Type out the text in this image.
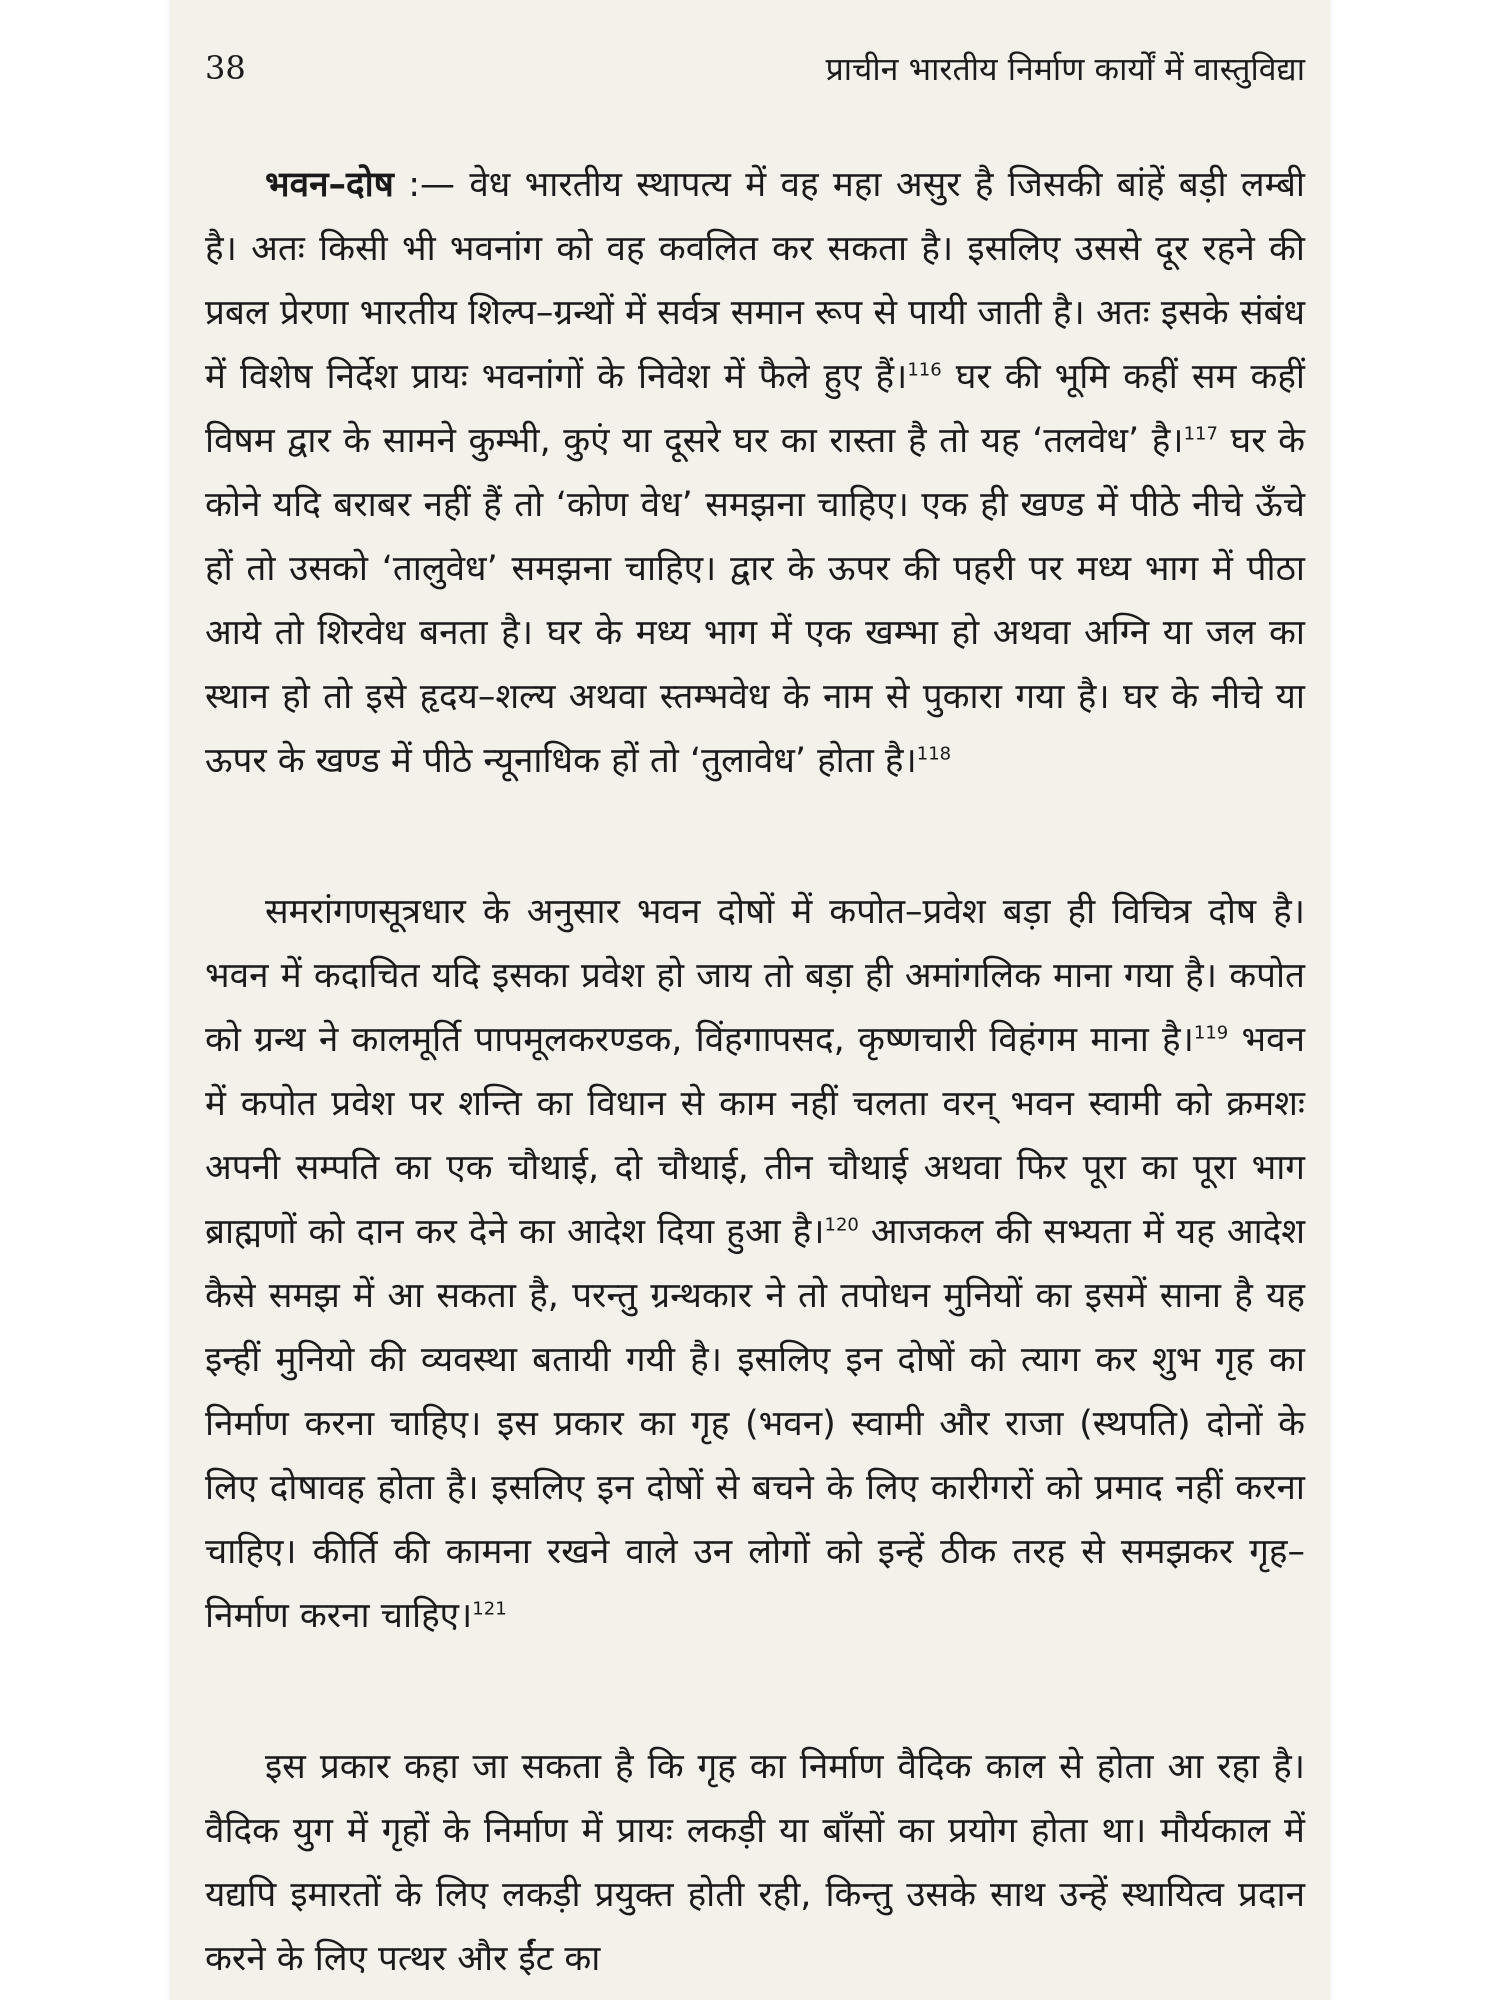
38	प्राचीन भारतीय निर्माण कार्यों में वास्तुविद्या

भवन–दोष :— वेध भारतीय स्थापत्य में वह महा असुर है जिसकी बांहें बड़ी लम्बी है। अतः किसी भी भवनांग को वह कवलित कर सकता है। इसलिए उससे दूर रहने की प्रबल प्रेरणा भारतीय शिल्प–ग्रन्थों में सर्वत्र समान रूप से पायी जाती है। अतः इसके संबंध में विशेष निर्देश प्रायः भवनांगों के निवेश में फैले हुए हैं।$^{116}$ घर की भूमि कहीं सम कहीं विषम द्वार के सामने कुम्भी, कुएं या दूसरे घर का रास्ता है तो यह ‘तलवेध’ है।$^{117}$ घर के कोने यदि बराबर नहीं हैं तो ‘कोण वेध’ समझना चाहिए। एक ही खण्ड में पीठे नीचे ऊँचे हों तो उसको ‘तालुवेध’ समझना चाहिए। द्वार के ऊपर की पहरी पर मध्य भाग में पीठा आये तो शिरवेध बनता है। घर के मध्य भाग में एक खम्भा हो अथवा अग्नि या जल का स्थान हो तो इसे हृदय–शल्य अथवा स्तम्भवेध के नाम से पुकारा गया है। घर के नीचे या ऊपर के खण्ड में पीठे न्यूनाधिक हों तो ‘तुलावेध’ होता है।$^{118}$

समरांगणसूत्रधार के अनुसार भवन दोषों में कपोत–प्रवेश बड़ा ही विचित्र दोष है। भवन में कदाचित यदि इसका प्रवेश हो जाय तो बड़ा ही अमांगलिक माना गया है। कपोत को ग्रन्थ ने कालमूर्ति पापमूलकरण्डक, विंहगापसद, कृष्णचारी विहंगम माना है।$^{119}$ भवन में कपोत प्रवेश पर शन्ति का विधान से काम नहीं चलता वरन् भवन स्वामी को क्रमशः अपनी सम्पति का एक चौथाई, दो चौथाई, तीन चौथाई अथवा फिर पूरा का पूरा भाग ब्राह्मणों को दान कर देने का आदेश दिया हुआ है।$^{120}$ आजकल की सभ्यता में यह आदेश कैसे समझ में आ सकता है, परन्तु ग्रन्थकार ने तो तपोधन मुनियों का इसमें साना है यह इन्हीं मुनियो की व्यवस्था बतायी गयी है। इसलिए इन दोषों को त्याग कर शुभ गृह का निर्माण करना चाहिए। इस प्रकार का गृह (भवन) स्वामी और राजा (स्थपति) दोनों के लिए दोषावह होता है। इसलिए इन दोषों से बचने के लिए कारीगरों को प्रमाद नहीं करना चाहिए। कीर्ति की कामना रखने वाले उन लोगों को इन्हें ठीक तरह से समझकर गृह–निर्माण करना चाहिए।$^{121}$

इस प्रकार कहा जा सकता है कि गृह का निर्माण वैदिक काल से होता आ रहा है। वैदिक युग में गृहों के निर्माण में प्रायः लकड़ी या बाँसों का प्रयोग होता था। मौर्यकाल में यद्यपि इमारतों के लिए लकड़ी प्रयुक्त होती रही, किन्तु उसके साथ उन्हें स्थायित्व प्रदान करने के लिए पत्थर और ईंट का
